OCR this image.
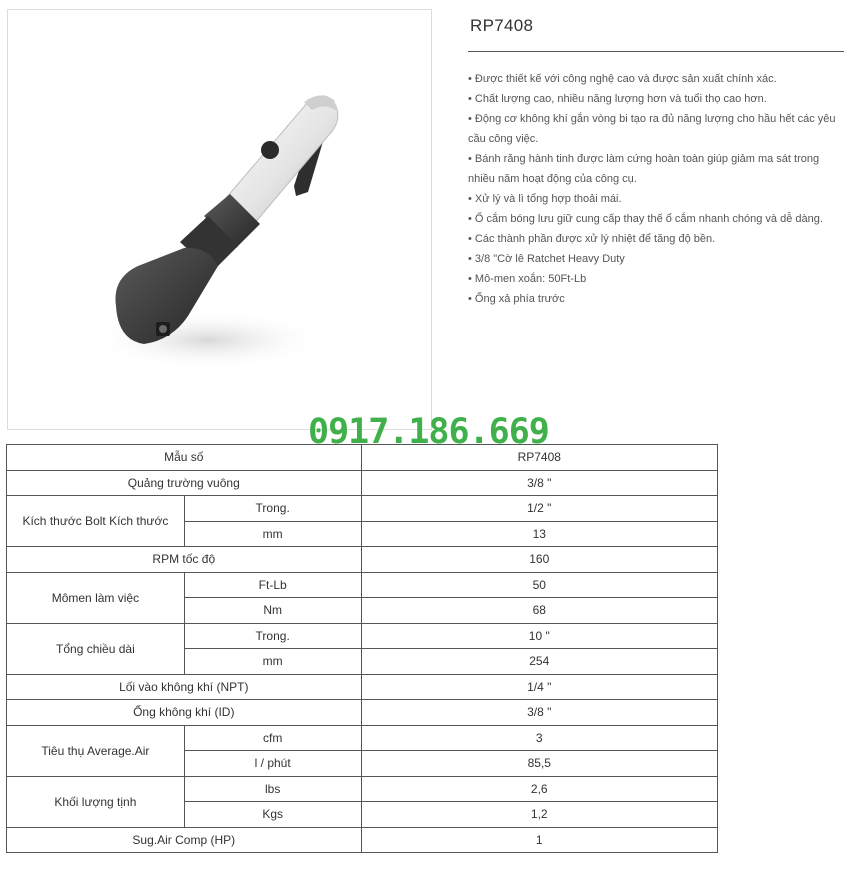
RP7408
• Được thiết kế với công nghệ cao và được sản xuất chính xác.
• Chất lượng cao, nhiều năng lượng hơn và tuổi thọ cao hơn.
• Động cơ không khí gắn vòng bi tạo ra đủ năng lượng cho hầu hết các yêu cầu công việc.
• Bánh răng hành tinh được làm cứng hoàn toàn giúp giảm ma sát trong nhiều năm hoạt động của công cụ.
• Xử lý và lì tổng hợp thoải mái.
• Ổ cắm bóng lưu giữ cung cấp thay thế ổ cắm nhanh chóng và dễ dàng.
• Các thành phần được xử lý nhiệt để tăng độ bền.
• 3/8 "Cờ lê Ratchet Heavy Duty
• Mô-men xoắn: 50Ft-Lb
• Ống xả phía trước
0917.186.669
Mẫu số		RP7408
Quảng trường vuông		3/8 "
Kích thước Bolt Kích thước	Trong.	1/2 "
	mm	13
RPM tốc độ		160
Mômen làm việc	Ft-Lb	50
	Nm	68
Tổng chiều dài	Trong.	10 "
	mm	254
Lối vào không khí (NPT)		1/4 "
Ống không khí (ID)		3/8 "
Tiêu thụ Average.Air	cfm	3
	l / phút	85,5
Khối lượng tịnh	lbs	2,6
	Kgs	1,2
Sug.Air Comp (HP)		1
